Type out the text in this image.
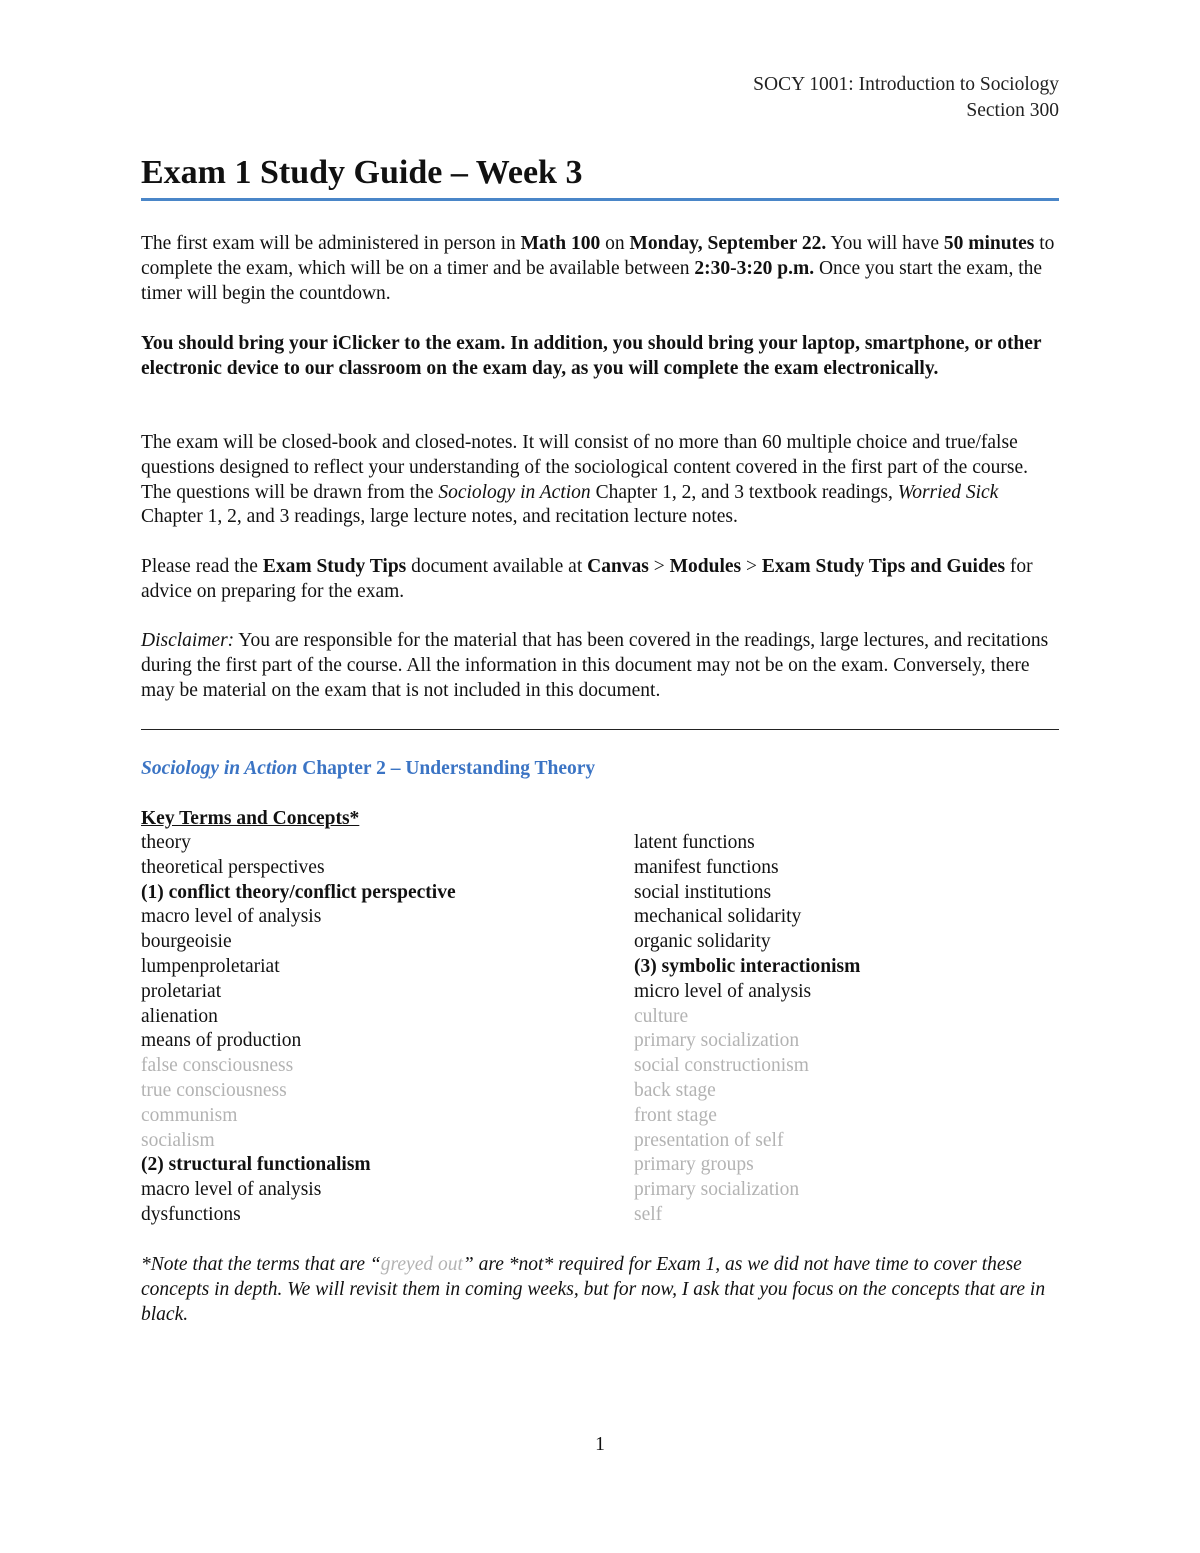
SOCY 1001: Introduction to Sociology
Section 300
Exam 1 Study Guide – Week 3

The first exam will be administered in person in Math 100 on Monday, September 22. You will have 50 minutes to complete the exam, which will be on a timer and be available between 2:30-3:20 p.m. Once you start the exam, the timer will begin the countdown.

You should bring your iClicker to the exam. In addition, you should bring your laptop, smartphone, or other electronic device to our classroom on the exam day, as you will complete the exam electronically.

The exam will be closed-book and closed-notes. It will consist of no more than 60 multiple choice and true/false questions designed to reflect your understanding of the sociological content covered in the first part of the course. The questions will be drawn from the Sociology in Action Chapter 1, 2, and 3 textbook readings, Worried Sick Chapter 1, 2, and 3 readings, large lecture notes, and recitation lecture notes.

Please read the Exam Study Tips document available at Canvas > Modules > Exam Study Tips and Guides for advice on preparing for the exam.

Disclaimer: You are responsible for the material that has been covered in the readings, large lectures, and recitations during the first part of the course. All the information in this document may not be on the exam. Conversely, there may be material on the exam that is not included in this document.

Sociology in Action Chapter 2 – Understanding Theory
Key Terms and Concepts*
theory
theoretical perspectives
(1) conflict theory/conflict perspective
macro level of analysis
bourgeoisie
lumpenproletariat
proletariat
alienation
means of production
false consciousness
true consciousness
communism
socialism
(2) structural functionalism
macro level of analysis
dysfunctions
latent functions
manifest functions
social institutions
mechanical solidarity
organic solidarity
(3) symbolic interactionism
micro level of analysis
culture
primary socialization
social constructionism
back stage
front stage
presentation of self
primary groups
primary socialization
self

*Note that the terms that are “greyed out” are *not* required for Exam 1, as we did not have time to cover these concepts in depth. We will revisit them in coming weeks, but for now, I ask that you focus on the concepts that are in black.

1
